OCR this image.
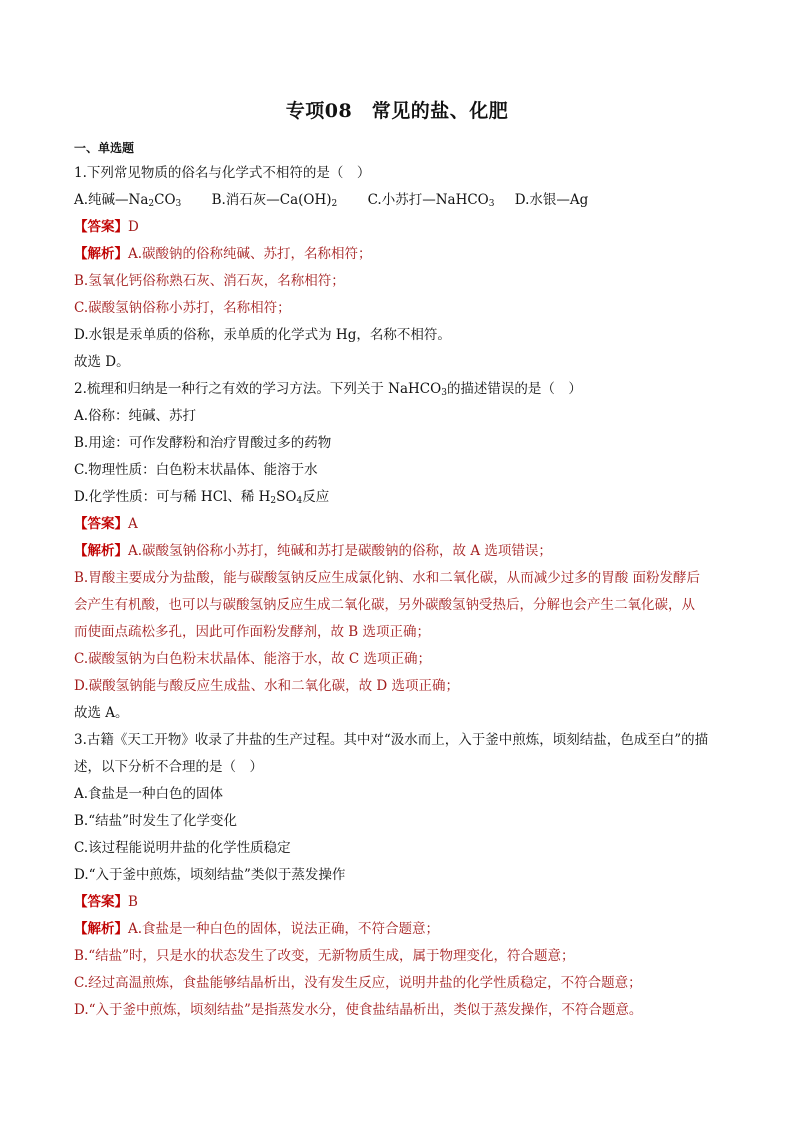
专项08　常见的盐、化肥
一、单选题
1.下列常见物质的俗名与化学式不相符的是（　）
A.纯碱$—Na_2CO_3$ B.消石灰$—Ca(OH)_2$ C.小苏打—NaHCO$_3$ D.水银—Ag
【答案】D
【解析】A.碳酸钠的俗称纯碱、苏打，名称相符；
B.氢氧化钙俗称熟石灰、消石灰，名称相符；
C.碳酸氢钠俗称小苏打，名称相符；
D.水银是汞单质的俗称，汞单质的化学式为 Hg，名称不相符。
故选 D。
2.梳理和归纳是一种行之有效的学习方法。下列关于 NaHCO$_3$的描述错误的是（　）
A.俗称：纯碱、苏打
B.用途：可作发酵粉和治疗胃酸过多的药物
C.物理性质：白色粉末状晶体、能溶于水
D.化学性质：可与稀 HCl、稀 $H_2SO_4$反应
【答案】A
【解析】A.碳酸氢钠俗称小苏打，纯碱和苏打是碳酸钠的俗称，故 A 选项错误；
B.胃酸主要成分为盐酸，能与碳酸氢钠反应生成氯化钠、水和二氧化碳，从而减少过多的胃酸 面粉发酵后
会产生有机酸，也可以与碳酸氢钠反应生成二氧化碳，另外碳酸氢钠受热后，分解也会产生二氧化碳，从
而使面点疏松多孔，因此可作面粉发酵剂，故 B 选项正确；
C.碳酸氢钠为白色粉末状晶体、能溶于水，故 C 选项正确；
D.碳酸氢钠能与酸反应生成盐、水和二氧化碳，故 D 选项正确；
故选 A。
3.古籍《天工开物》收录了井盐的生产过程。其中对“汲水而上，入于釜中煎炼，顷刻结盐，色成至白”的描
述，以下分析不合理的是（　）
A.食盐是一种白色的固体
B.“结盐”时发生了化学变化
C.该过程能说明井盐的化学性质稳定
D.“入于釜中煎炼，顷刻结盐”类似于蒸发操作
【答案】B
【解析】A.食盐是一种白色的固体，说法正确，不符合题意；
B.“结盐”时，只是水的状态发生了改变，无新物质生成，属于物理变化，符合题意；
C.经过高温煎炼，食盐能够结晶析出，没有发生反应，说明井盐的化学性质稳定，不符合题意；
D.“入于釜中煎炼，顷刻结盐”是指蒸发水分，使食盐结晶析出，类似于蒸发操作，不符合题意。
